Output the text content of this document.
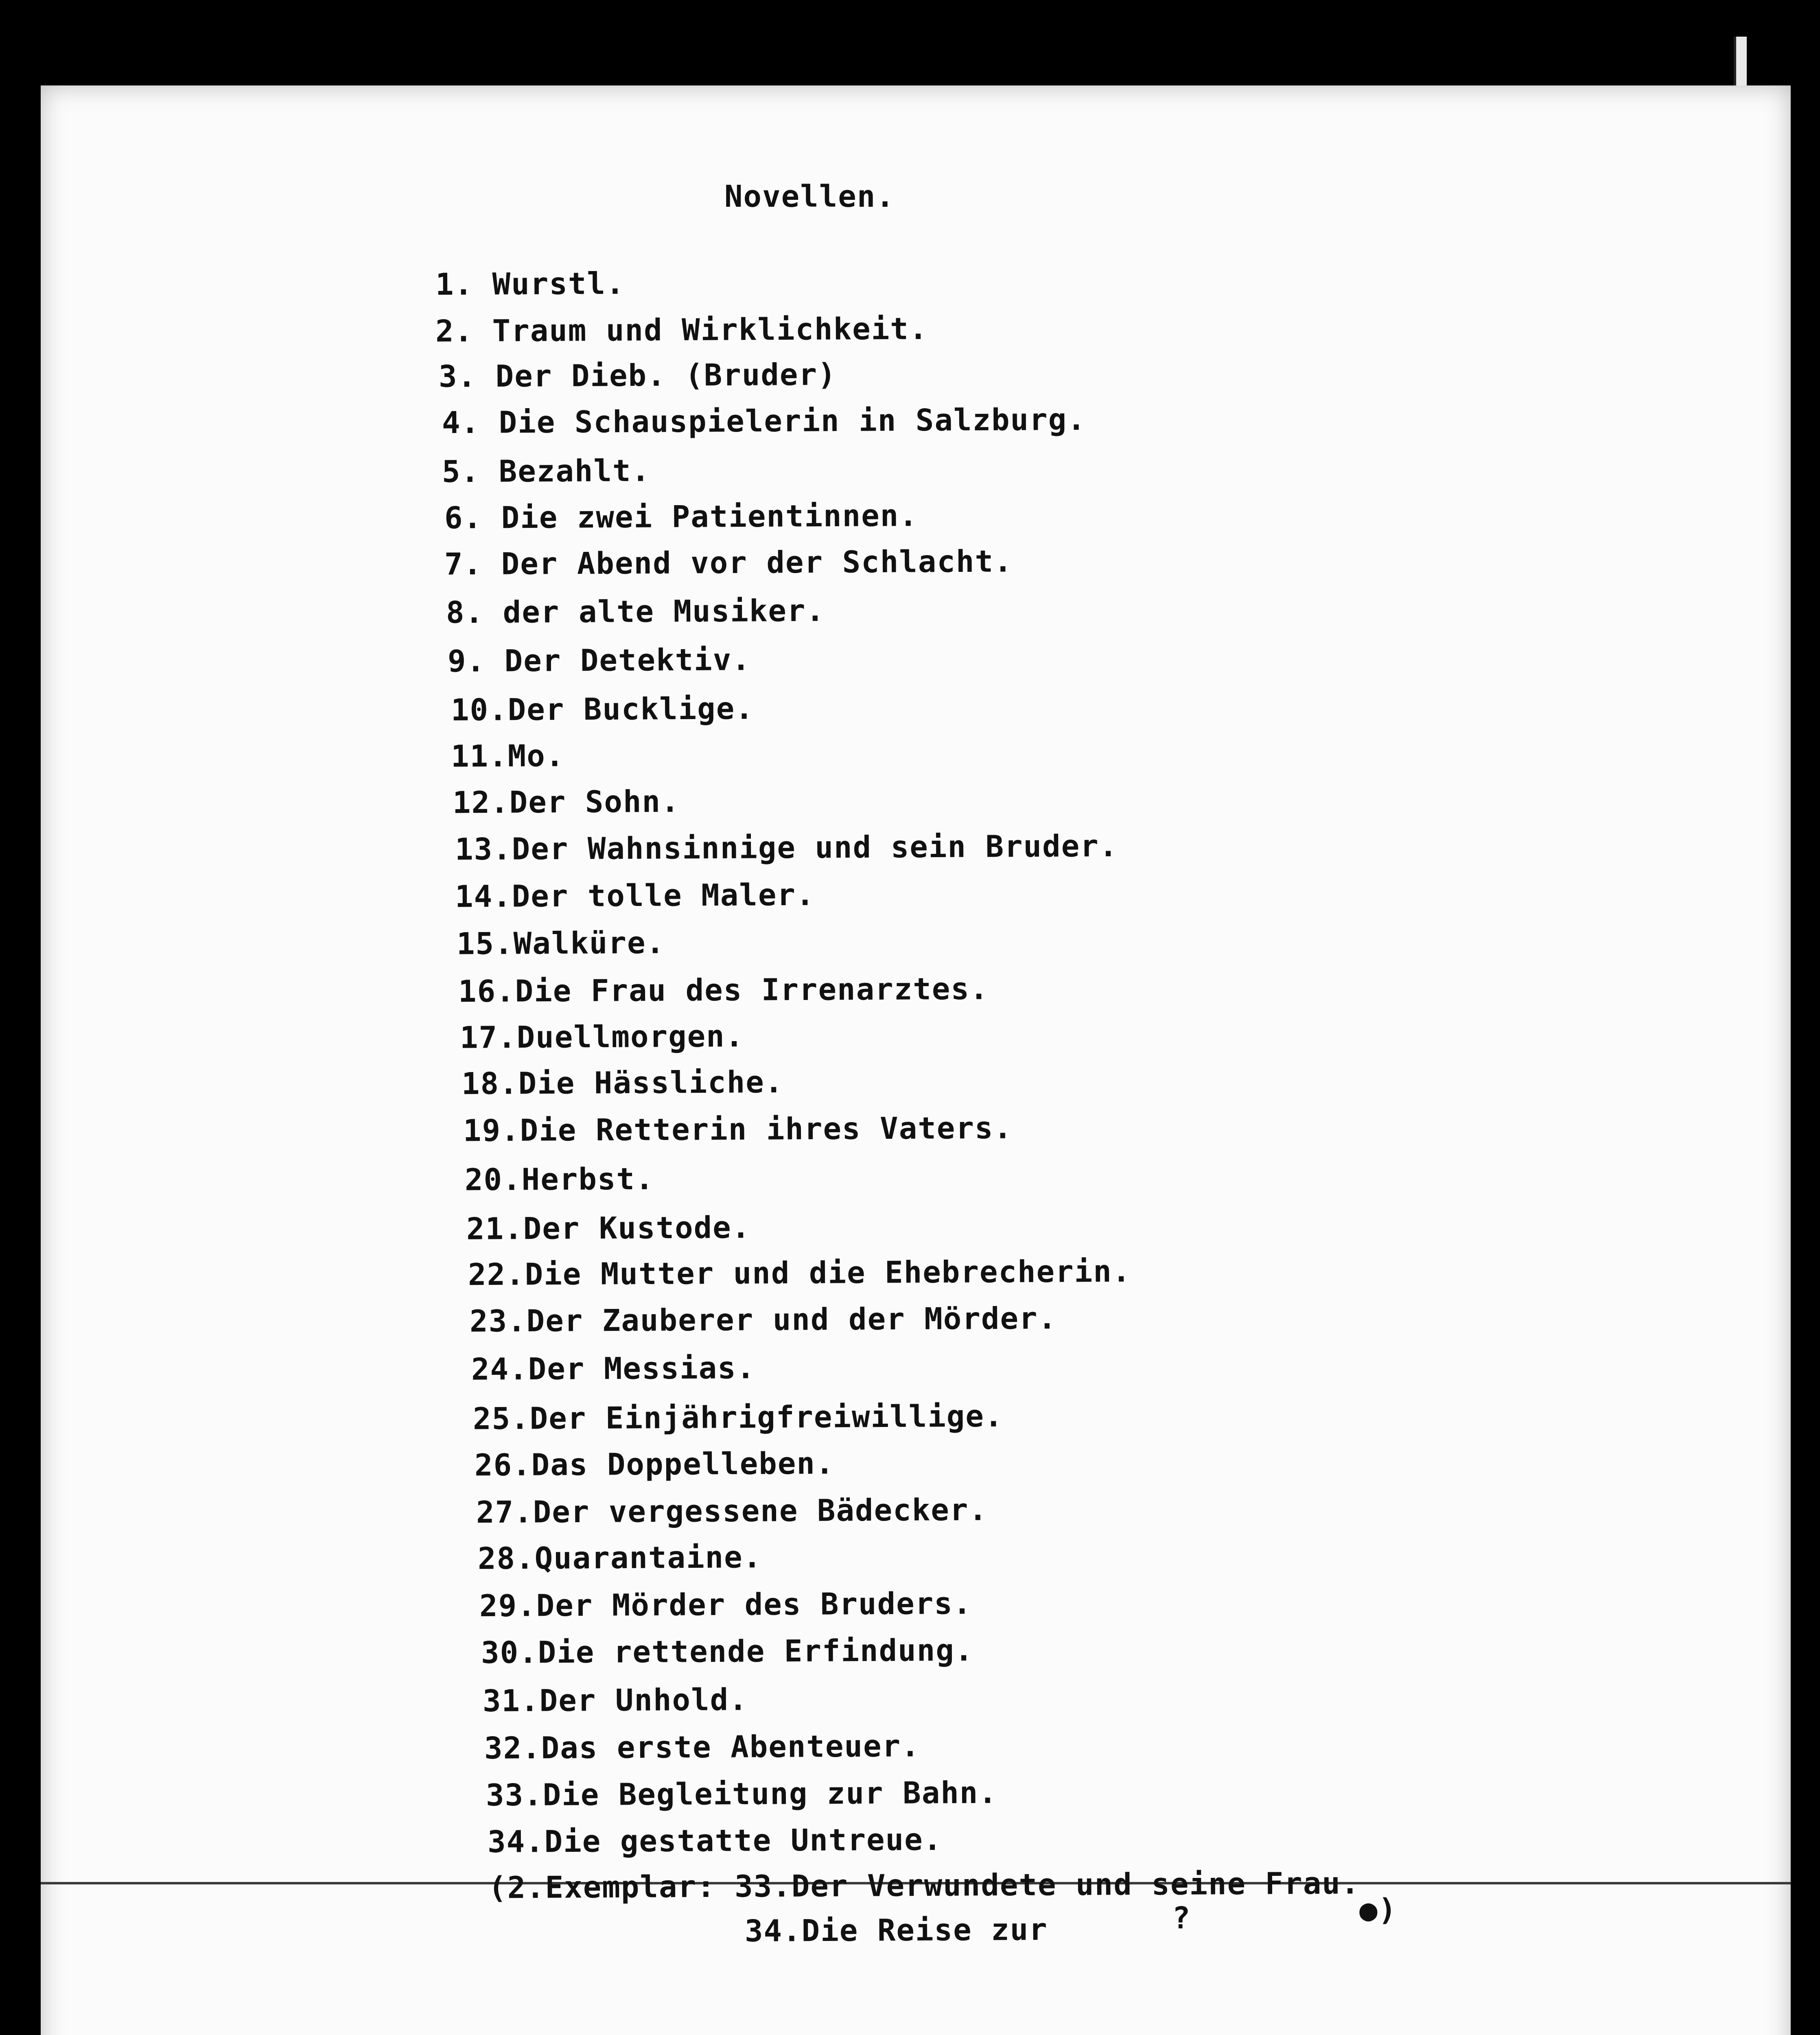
Novellen.
1. Wurstl.
2. Traum und Wirklichkeit.
3. Der Dieb. (Bruder)
4. Die Schauspielerin in Salzburg.
5. Bezahlt.
6. Die zwei Patientinnen.
7. Der Abend vor der Schlacht.
8. der alte Musiker.
9. Der Detektiv.
10.Der Bucklige.
11.Mo.
12.Der Sohn.
13.Der Wahnsinnige und sein Bruder.
14.Der tolle Maler.
15.Walküre.
16.Die Frau des Irrenarztes.
17.Duellmorgen.
18.Die Hässliche.
19.Die Retterin ihres Vaters.
20.Herbst.
21.Der Kustode.
22.Die Mutter und die Ehebrecherin.
23.Der Zauberer und der Mörder.
24.Der Messias.
25.Der Einjährigfreiwillige.
26.Das Doppelleben.
27.Der vergessene Bädecker.
28.Quarantaine.
29.Der Mörder des Bruders.
30.Die rettende Erfindung.
31.Der Unhold.
32.Das erste Abenteuer.
33.Die Begleitung zur Bahn.
34.Die gestatte Untreue.
(2.Exemplar: 33.Der Verwundete und seine Frau.
34.Die Reise zur	?	●)
